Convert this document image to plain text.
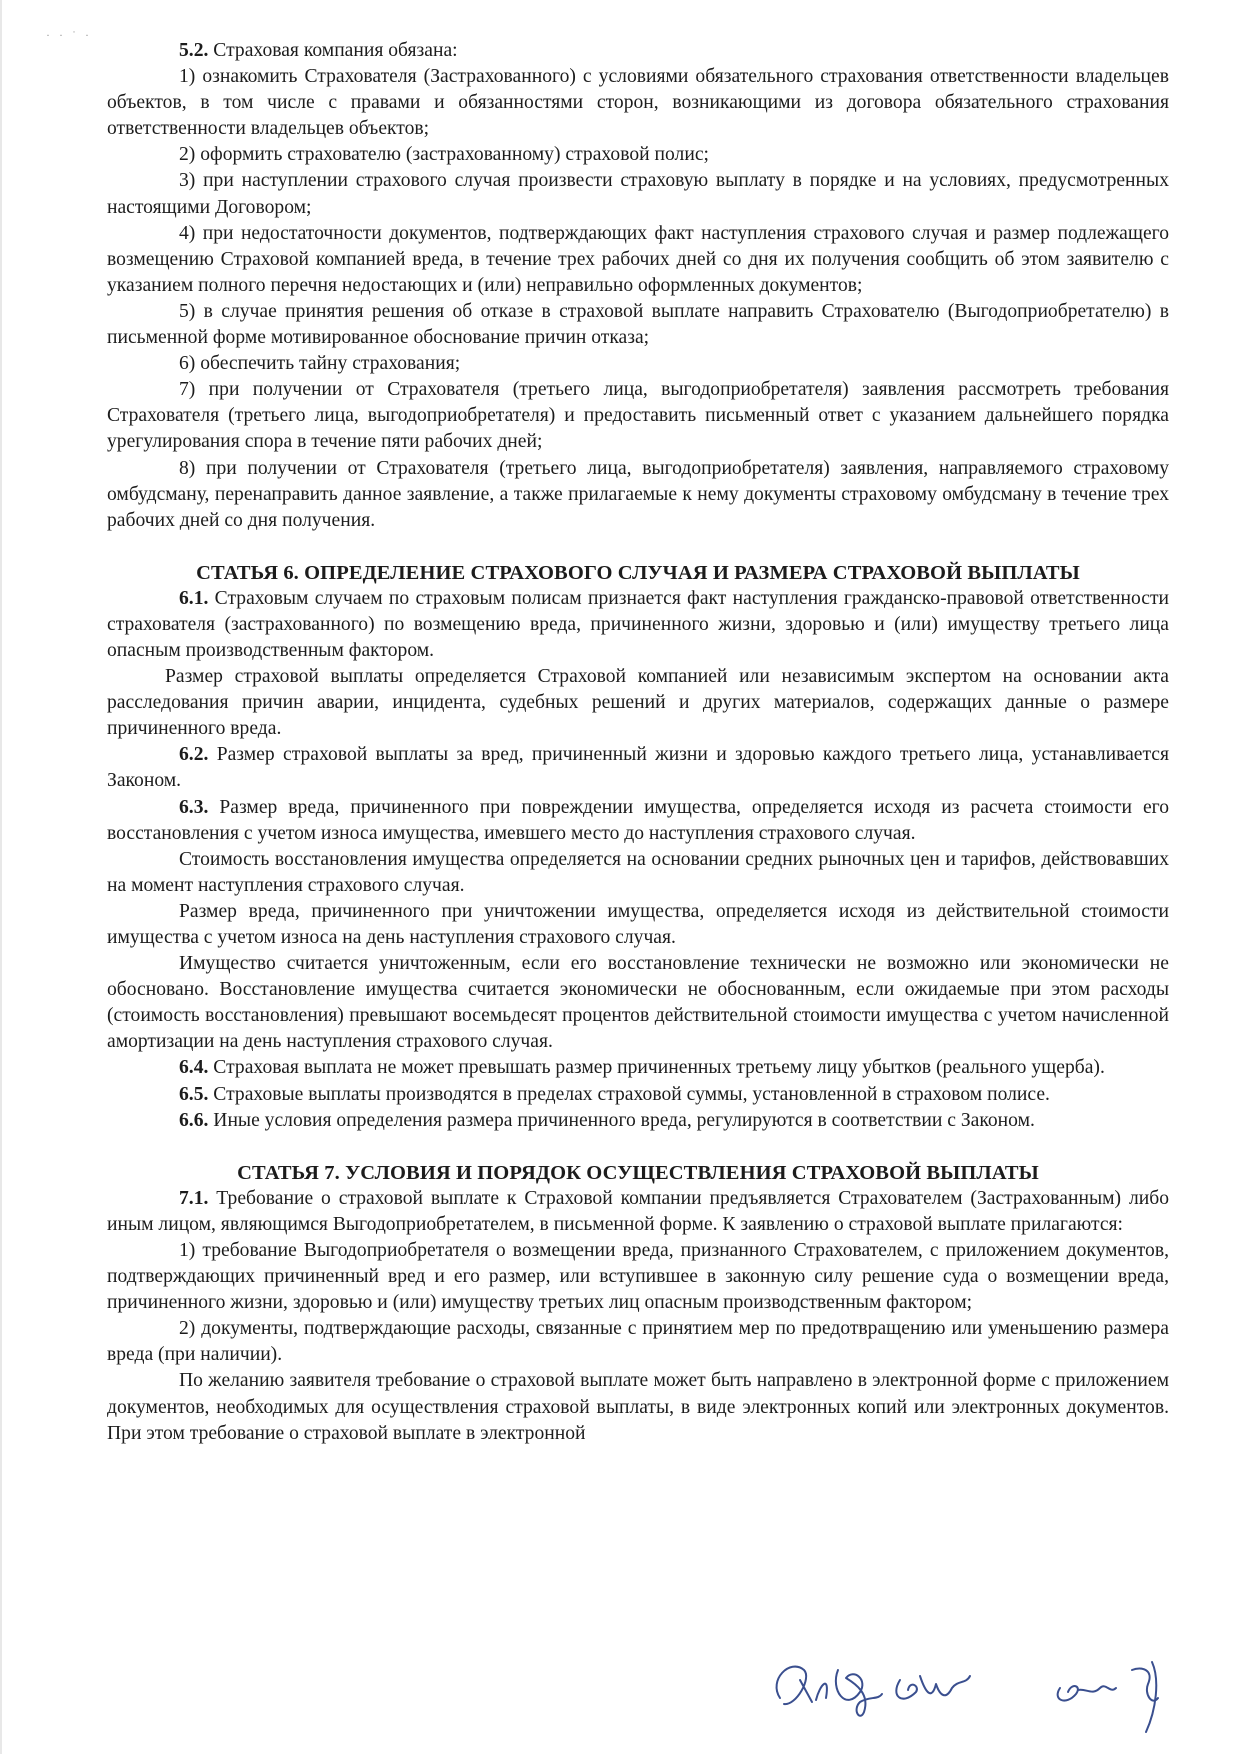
· · ˙ ·

5.2. Страховая компания обязана:

1) ознакомить Страхователя (Застрахованного) с условиями обязательного страхования ответственности владельцев объектов, в том числе с правами и обязанностями сторон, возникающими из договора обязательного страхования ответственности владельцев объектов;

2) оформить страхователю (застрахованному) страховой полис;

3) при наступлении страхового случая произвести страховую выплату в порядке и на условиях, предусмотренных настоящими Договором;

4) при недостаточности документов, подтверждающих факт наступления страхового случая и размер подлежащего возмещению Страховой компанией вреда, в течение трех рабочих дней со дня их получения сообщить об этом заявителю с указанием полного перечня недостающих и (или) неправильно оформленных документов;

5) в случае принятия решения об отказе в страховой выплате направить Страхователю (Выгодоприобретателю) в письменной форме мотивированное обоснование причин отказа;

6) обеспечить тайну страхования;

7) при получении от Страхователя (третьего лица, выгодоприобретателя) заявления рассмотреть требования Страхователя (третьего лица, выгодоприобретателя) и предоставить письменный ответ с указанием дальнейшего порядка урегулирования спора в течение пяти рабочих дней;

8) при получении от Страхователя (третьего лица, выгодоприобретателя) заявления, направляемого страховому омбудсману, перенаправить данное заявление, а также прилагаемые к нему документы страховому омбудсману в течение трех рабочих дней со дня получения.

СТАТЬЯ 6. ОПРЕДЕЛЕНИЕ СТРАХОВОГО СЛУЧАЯ И РАЗМЕРА СТРАХОВОЙ ВЫПЛАТЫ

6.1. Страховым случаем по страховым полисам признается факт наступления гражданско-правовой ответственности страхователя (застрахованного) по возмещению вреда, причиненного жизни, здоровью и (или) имуществу третьего лица опасным производственным фактором.

Размер страховой выплаты определяется Страховой компанией или независимым экспертом на основании акта расследования причин аварии, инцидента, судебных решений и других материалов, содержащих данные о размере причиненного вреда.

6.2. Размер страховой выплаты за вред, причиненный жизни и здоровью каждого третьего лица, устанавливается Законом.

6.3. Размер вреда, причиненного при повреждении имущества, определяется исходя из расчета стоимости его восстановления с учетом износа имущества, имевшего место до наступления страхового случая.

Стоимость восстановления имущества определяется на основании средних рыночных цен и тарифов, действовавших на момент наступления страхового случая.

Размер вреда, причиненного при уничтожении имущества, определяется исходя из действительной стоимости имущества с учетом износа на день наступления страхового случая.

Имущество считается уничтоженным, если его восстановление технически не возможно или экономически не обосновано. Восстановление имущества считается экономически не обоснованным, если ожидаемые при этом расходы (стоимость восстановления) превышают восемьдесят процентов действительной стоимости имущества с учетом начисленной амортизации на день наступления страхового случая.

6.4. Страховая выплата не может превышать размер причиненных третьему лицу убытков (реального ущерба).

6.5. Страховые выплаты производятся в пределах страховой суммы, установленной в страховом полисе.

6.6. Иные условия определения размера причиненного вреда, регулируются в соответствии с Законом.

СТАТЬЯ 7. УСЛОВИЯ И ПОРЯДОК ОСУЩЕСТВЛЕНИЯ СТРАХОВОЙ ВЫПЛАТЫ

7.1. Требование о страховой выплате к Страховой компании предъявляется Страхователем (Застрахованным) либо иным лицом, являющимся Выгодоприобретателем, в письменной форме. К заявлению о страховой выплате прилагаются:

1) требование Выгодоприобретателя о возмещении вреда, признанного Страхователем, с приложением документов, подтверждающих причиненный вред и его размер, или вступившее в законную силу решение суда о возмещении вреда, причиненного жизни, здоровью и (или) имуществу третьих лиц опасным производственным фактором;

2) документы, подтверждающие расходы, связанные с принятием мер по предотвращению или уменьшению размера вреда (при наличии).

По желанию заявителя требование о страховой выплате может быть направлено в электронной форме с приложением документов, необходимых для осуществления страховой выплаты, в виде электронных копий или электронных документов. При этом требование о страховой выплате в электронной
